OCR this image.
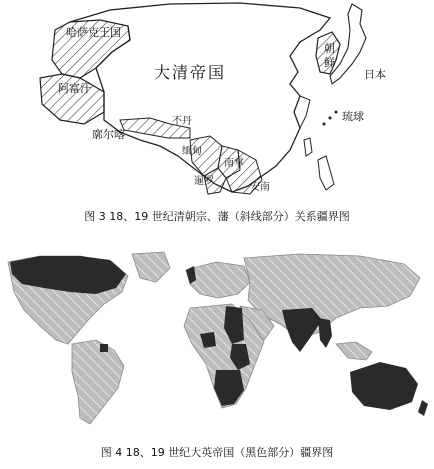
哈萨克王国
大清帝国
阿富汗
廓尔喀
不丹
缅甸
南掌
暹罗
安南
朝
鲜
日本
琉球
图 3 18、19 世纪清朝宗、藩（斜线部分）关系疆界图
图 4 18、19 世纪大英帝国（黑色部分）疆界图
